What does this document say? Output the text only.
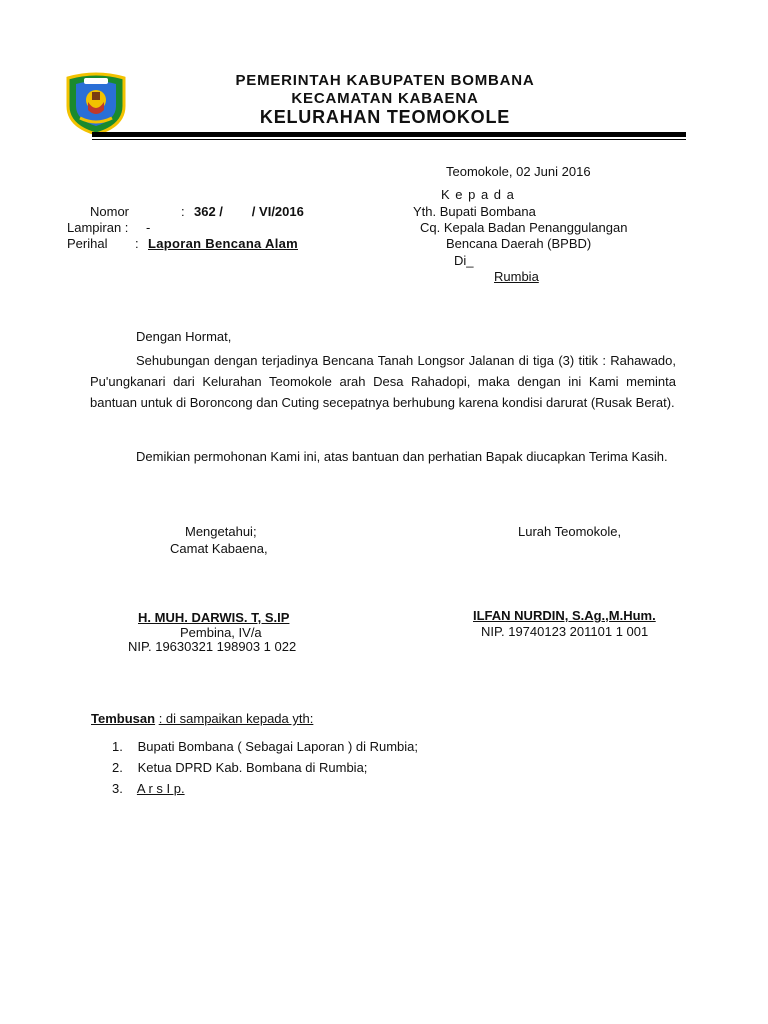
PEMERINTAH KABUPATEN BOMBANA
KECAMATAN KABAENA
KELURAHAN TEOMOKOLE
Teomokole, 02 Juni 2016
K e p a d a
Yth. Bupati Bombana
Cq. Kepala Badan Penanggulangan
Bencana Daerah (BPBD)
Di_
Rumbia
Nomor	: 362 /        / VI/2016
Lampiran : -
Perihal : Laporan Bencana Alam
Dengan Hormat,
Sehubungan dengan terjadinya Bencana Tanah Longsor Jalanan di tiga (3) titik : Rahawado, Pu'ungkanari dari Kelurahan Teomokole arah Desa Rahadopi, maka dengan ini Kami meminta bantuan untuk di Boroncong dan Cuting secepatnya berhubung karena kondisi darurat (Rusak Berat).
Demikian permohonan Kami ini, atas bantuan dan perhatian Bapak diucapkan Terima Kasih.
Mengetahui;
Camat Kabaena,
H. MUH. DARWIS. T, S.IP
Pembina, IV/a
NIP. 19630321 198903 1 022
Lurah Teomokole,
ILFAN NURDIN, S.Ag.,M.Hum.
NIP. 19740123 201101 1 001
Tembusan : di sampaikan kepada yth:
1. Bupati Bombana ( Sebagai Laporan ) di Rumbia;
2. Ketua DPRD Kab. Bombana di Rumbia;
3. A r s I p.
